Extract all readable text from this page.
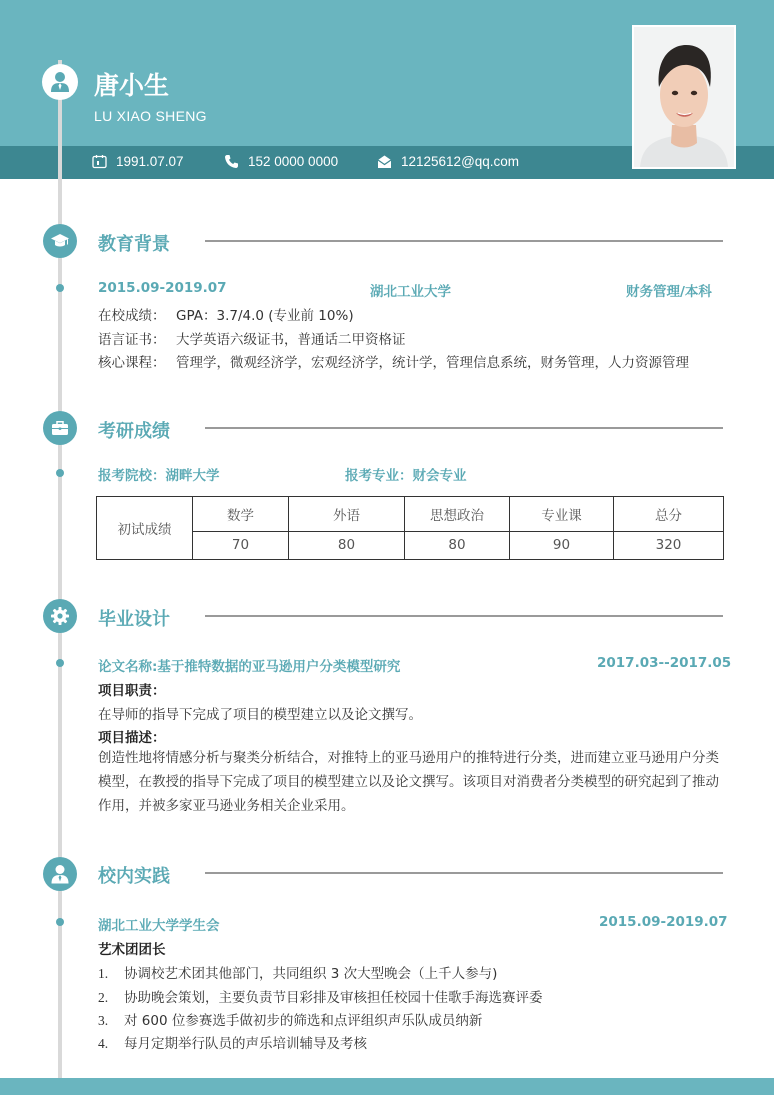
唐小生
LU XIAO SHENG
1991.07.07	152 0000 0000	12125612@qq.com
教育背景
2015.09-2019.07	湖北工业大学	财务管理/本科
在校成绩： GPA：3.7/4.0 (专业前 10%)
语言证书： 大学英语六级证书，普通话二甲资格证
核心课程： 管理学，微观经济学，宏观经济学，统计学，管理信息系统，财务管理，人力资源管理
考研成绩
报考院校：湖畔大学	报考专业：财会专业
初试成绩	数学	外语	思想政治	专业课	总分
	70	80	80	90	320
毕业设计
论文名称:基于推特数据的亚马逊用户分类模型研究	2017.03--2017.05
项目职责：
在导师的指导下完成了项目的模型建立以及论文撰写。
项目描述：
创造性地将情感分析与聚类分析结合，对推特上的亚马逊用户的推特进行分类，进而建立亚马逊用户分类模型，在教授的指导下完成了项目的模型建立以及论文撰写。该项目对消费者分类模型的研究起到了推动作用，并被多家亚马逊业务相关企业采用。
校内实践
湖北工业大学学生会	2015.09-2019.07
艺术团团长
1. 协调校艺术团其他部门，共同组织 3 次大型晚会（上千人参与)
2. 协助晚会策划，主要负责节目彩排及审核担任校园十佳歌手海选赛评委
3. 对 600 位参赛选手做初步的筛选和点评组织声乐队成员纳新
4. 每月定期举行队员的声乐培训辅导及考核
